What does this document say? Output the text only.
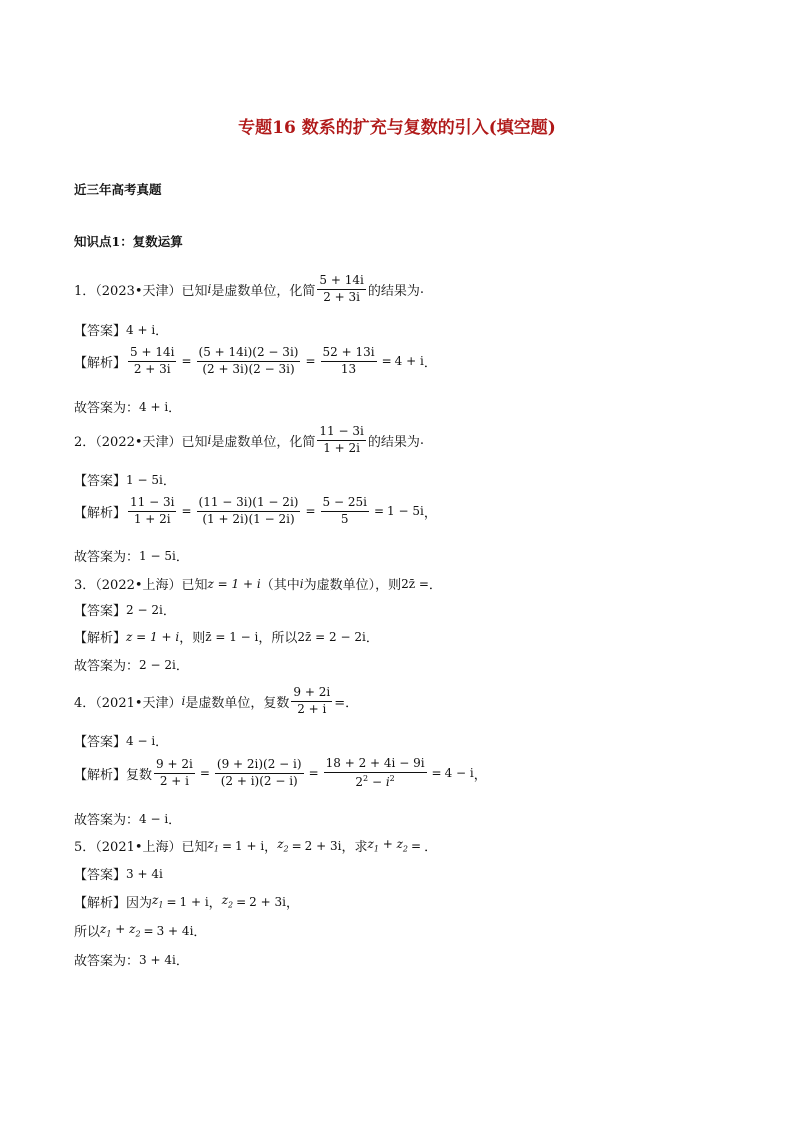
专题16 数系的扩充与复数的引入(填空题)
近三年高考真题
知识点1：复数运算
1．（2023•天津）已知 i 是虚数单位，化简 $\frac{5 + 14i}{2 + 3i}$ 的结果为 .
【答案】 4 + i ．
【解析】 $\frac{5 + 14i}{2 + 3i} = \frac{(5 + 14i)(2 - 3i)}{(2 + 3i)(2 - 3i)} = \frac{52 + 13i}{13} = 4 + i$ ．
故答案为： 4 + i ．
2．（2022•天津）已知 i 是虚数单位，化简 $\frac{11 - 3i}{1 + 2i}$ 的结果为 .
【答案】 1 − 5i ．
【解析】 $\frac{11 - 3i}{1 + 2i} = \frac{(11 - 3i)(1 - 2i)}{(1 + 2i)(1 - 2i)} = \frac{5 - 25i}{5} = 1 - 5i$ ，
故答案为： 1 − 5i ．
3．（2022•上海）已知 z = 1 + i （其中 i 为虚数单位），则 2z̄ = ．
【答案】 2 − 2i ．
【解析】 z = 1 + i ，则 z̄ = 1 − i ，所以 2z̄ = 2 − 2i ．
故答案为： 2 − 2i ．
4．（2021•天津） i 是虚数单位，复数 $\frac{9 + 2i}{2 + i}$ =．
【答案】 4 − i ．
【解析】 复数 $\frac{9 + 2i}{2 + i} = \frac{(9 + 2i)(2 - i)}{(2 + i)(2 - i)} = \frac{18 + 2 + 4i - 9i}{2^2 - i^2} = 4 - i$ ，
故答案为： 4 − i ．
5．（2021•上海）已知 $z_1 = 1 + i$ ， $z_2 = 2 + 3i$ ，求 $z_1 + z_2$ = ．
【答案】 3 + 4i
【解析】 因为 $z_1 = 1 + i$ ， $z_2 = 2 + 3i$ ，
所以 $z_1 + z_2 = 3 + 4i$ ．
故答案为： 3 + 4i ．
